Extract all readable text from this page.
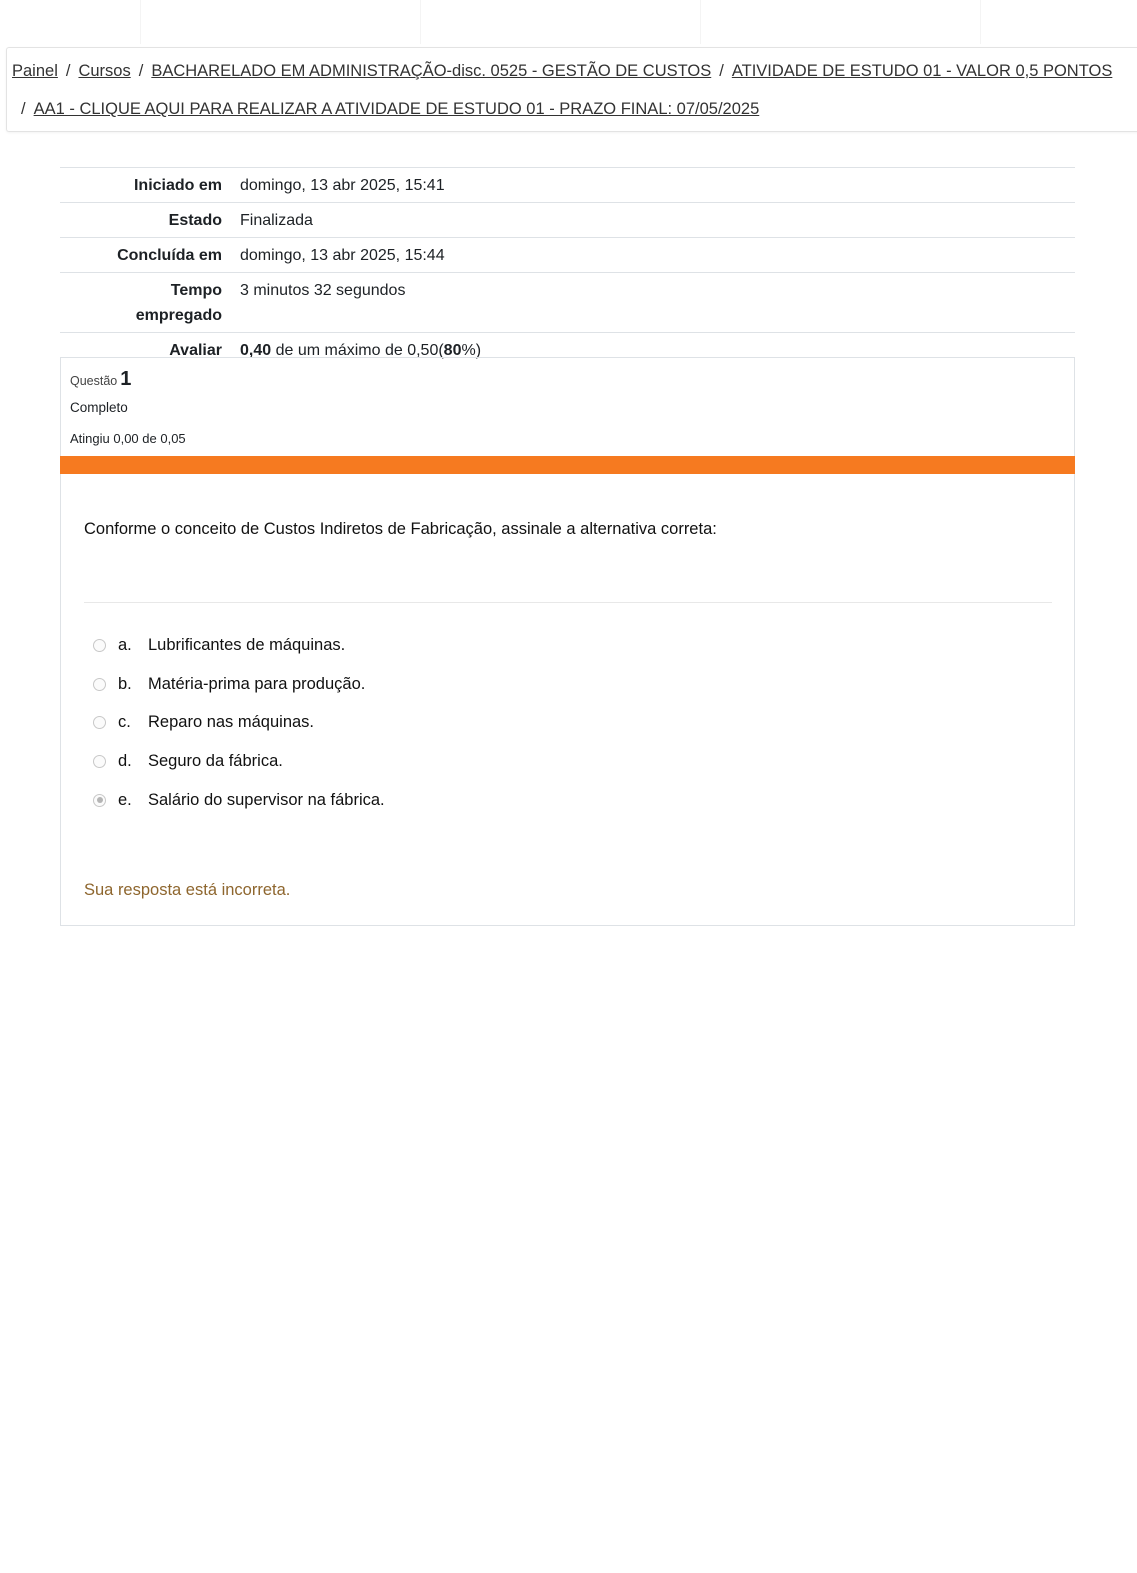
Painel / Cursos / BACHARELADO EM ADMINISTRAÇÃO-disc. 0525 - GESTÃO DE CUSTOS / ATIVIDADE DE ESTUDO 01 - VALOR 0,5 PONTOS
/ AA1 - CLIQUE AQUI PARA REALIZAR A ATIVIDADE DE ESTUDO 01 - PRAZO FINAL: 07/05/2025
Iniciado em	domingo, 13 abr 2025, 15:41
Estado	Finalizada
Concluída em	domingo, 13 abr 2025, 15:44
Tempo
empregado	3 minutos 32 segundos
Avaliar	0,40 de um máximo de 0,50(80%)
Questão 1
Completo
Atingiu 0,00 de 0,05
Conforme o conceito de Custos Indiretos de Fabricação, assinale a alternativa correta:
a. Lubrificantes de máquinas.
b. Matéria-prima para produção.
c. Reparo nas máquinas.
d. Seguro da fábrica.
e. Salário do supervisor na fábrica.
Sua resposta está incorreta.
